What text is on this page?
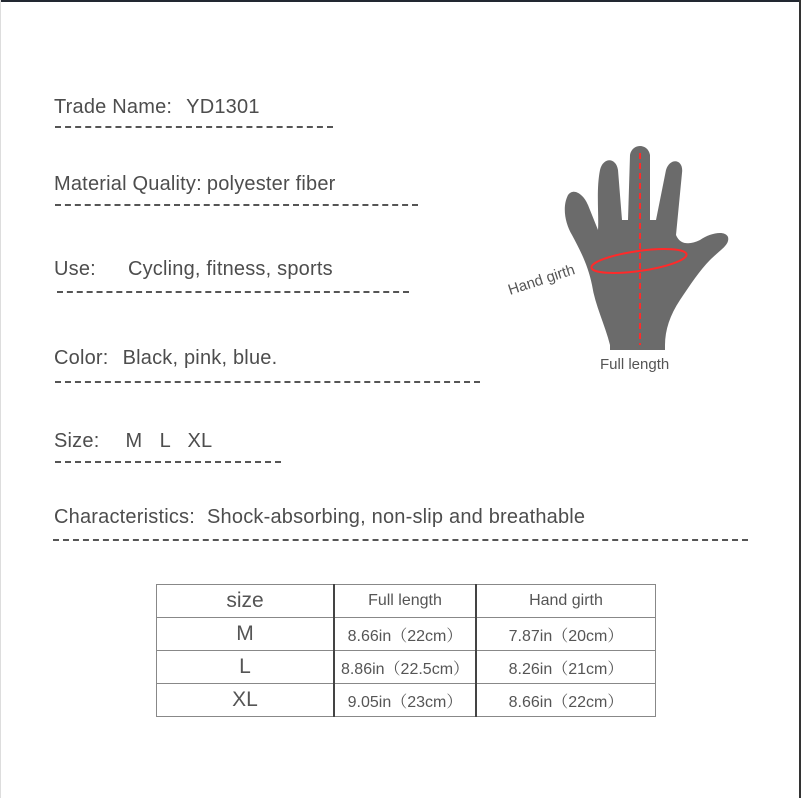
Trade Name: YD1301
Material Quality: polyester fiber
Use: Cycling, fitness, sports
Color: Black, pink, blue.
Size: M   L   XL
Characteristics: Shock-absorbing, non-slip and breathable
Hand girth
Full length
size	Full length	Hand girth
M	8.66in（22cm）	7.87in（20cm）
L	8.86in（22.5cm）	8.26in（21cm）
XL	9.05in（23cm）	8.66in（22cm）
